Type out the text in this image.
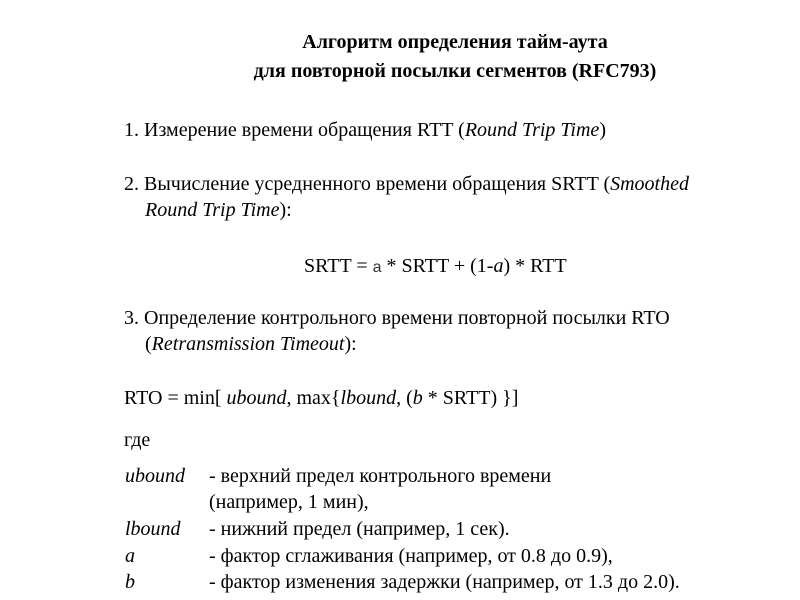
Алгоритм определения тайм-аута
для повторной посылки сегментов (RFC793)
1. Измерение времени обращения RTT (Round Trip Time)
2. Вычисление усредненного времени обращения SRTT (Smoothed
Round Trip Time):
SRTT = a * SRTT + (1-a) * RTT
3. Определение контрольного времени повторной посылки RTO
(Retransmission Timeout):
RTO = min[ ubound, max{lbound, (b * SRTT) }]
где
ubound - верхний предел контрольного времени
(например, 1 мин),
lbound - нижний предел (например, 1 сек).
a	- фактор сглаживания (например, от 0.8 до 0.9),
b	- фактор изменения задержки (например, от 1.3 до 2.0).
